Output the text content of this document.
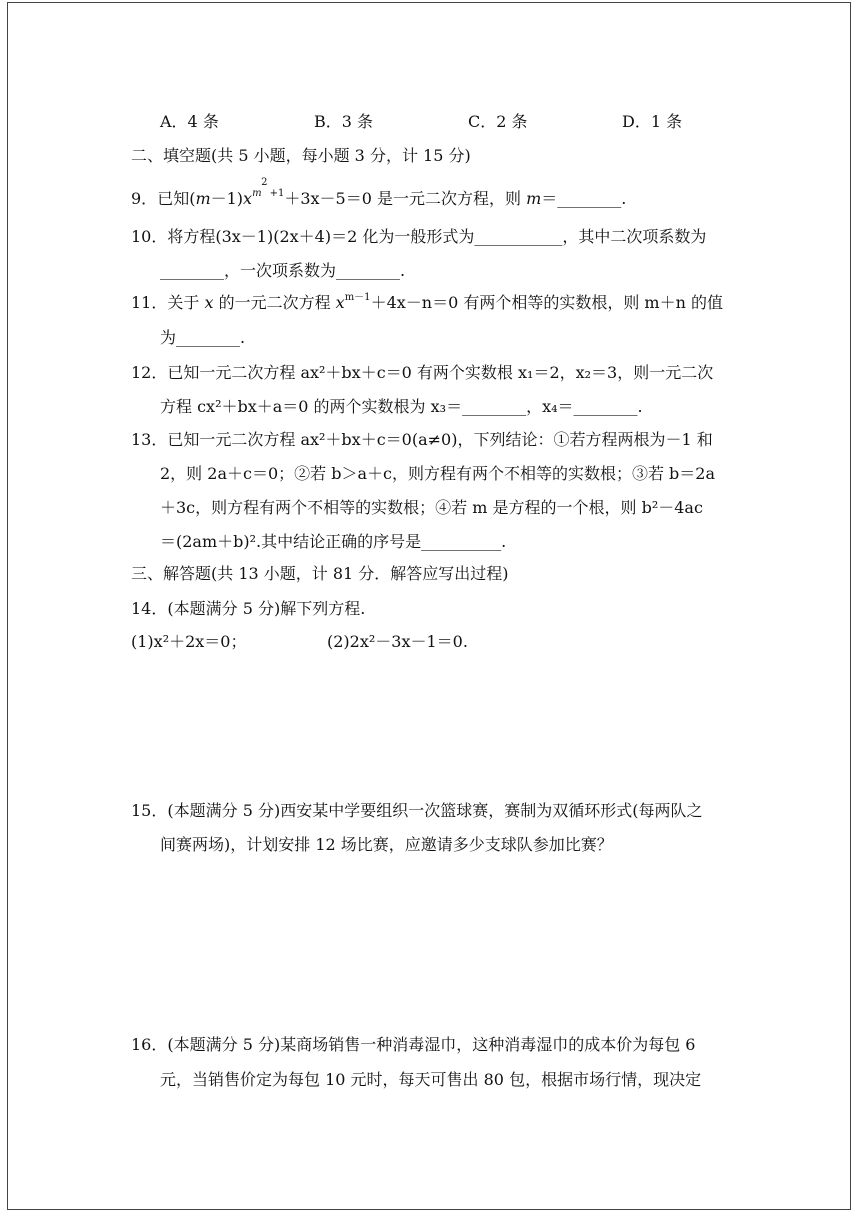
A．4 条	B．3 条	C．2 条	D．1 条
二、填空题(共 5 小题，每小题 3 分，计 15 分)
9．已知$(m-1)x^{m +1}$
2
＋3x－5＝0 是一元二次方程，则 m＝________.
10．将方程(3x－1)(2x＋4)＝2 化为一般形式为___________，其中二次项系数为
________，一次项系数为________.
11．关于 x 的一元二次方程 $x^{m-1}+4x-n=0$ 有两个相等的实数根，则 m＋n 的值
为________.
12．已知一元二次方程 ax²＋bx＋c＝0 有两个实数根 x₁＝2，x₂＝3，则一元二次
方程 cx²＋bx＋a＝0 的两个实数根为 x₃＝________，x₄＝________.
13．已知一元二次方程 ax²＋bx＋c＝0(a≠0)，下列结论：①若方程两根为－1 和
2，则 2a＋c＝0；②若 b＞a＋c，则方程有两个不相等的实数根；③若 b＝2a
＋3c，则方程有两个不相等的实数根；④若 m 是方程的一个根，则 b²－4ac
＝(2am＋b)².其中结论正确的序号是__________.
三、解答题(共 13 小题，计 81 分．解答应写出过程)
14．(本题满分 5 分)解下列方程.
(1)x²＋2x＝0；	(2)2x²－3x－1＝0.
15．(本题满分 5 分)西安某中学要组织一次篮球赛，赛制为双循环形式(每两队之
间赛两场)，计划安排 12 场比赛，应邀请多少支球队参加比赛？
16．(本题满分 5 分)某商场销售一种消毒湿巾，这种消毒湿巾的成本价为每包 6
元，当销售价定为每包 10 元时，每天可售出 80 包，根据市场行情，现决定
